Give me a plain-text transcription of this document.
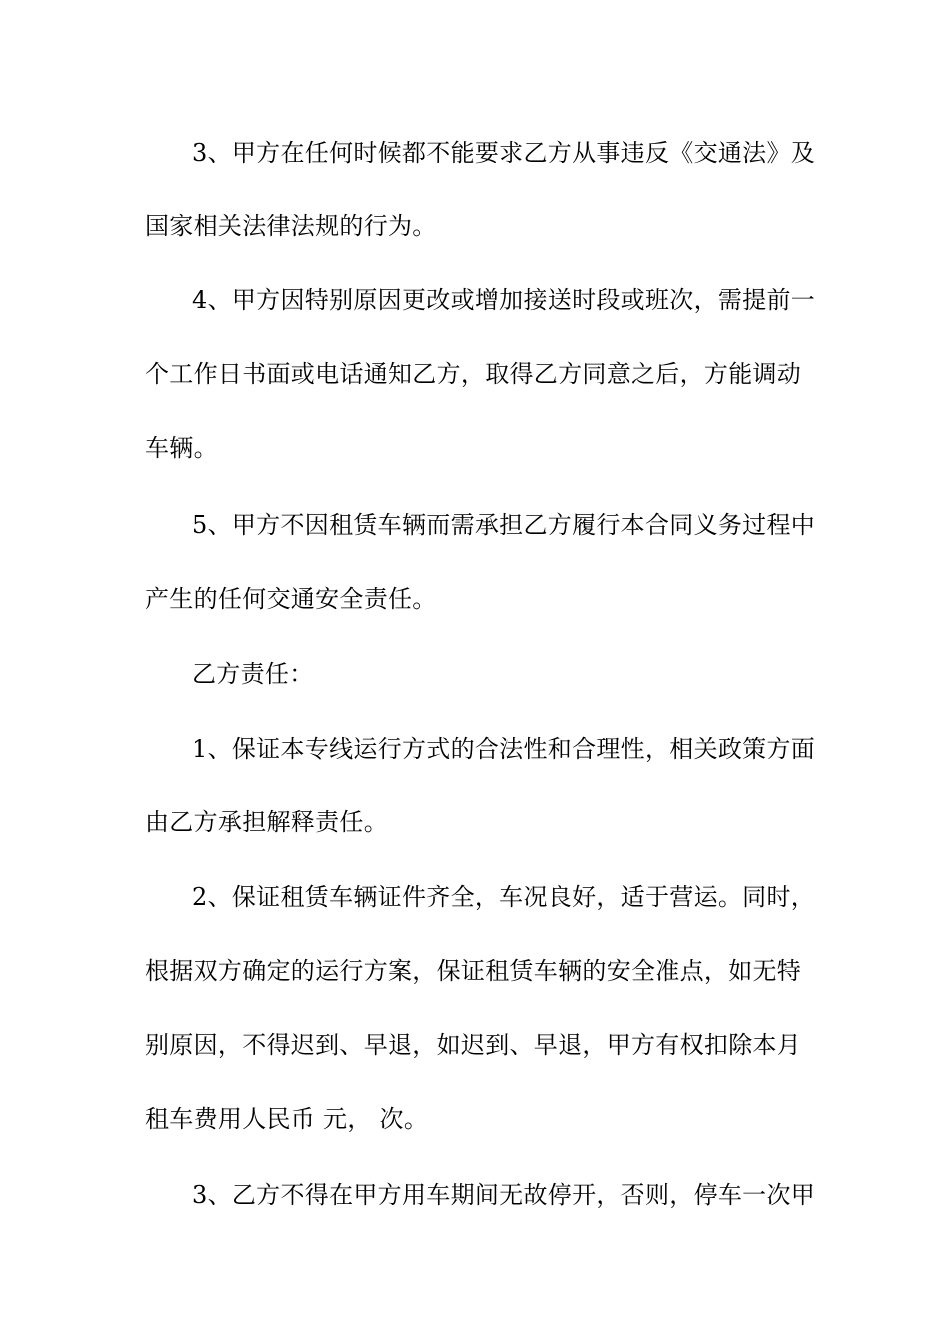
3、甲方在任何时候都不能要求乙方从事违反《交通法》及
国家相关法律法规的行为。
4、甲方因特别原因更改或增加接送时段或班次，需提前一
个工作日书面或电话通知乙方，取得乙方同意之后，方能调动
车辆。
5、甲方不因租赁车辆而需承担乙方履行本合同义务过程中
产生的任何交通安全责任。
乙方责任：
1、保证本专线运行方式的合法性和合理性，相关政策方面
由乙方承担解释责任。
2、保证租赁车辆证件齐全，车况良好，适于营运。同时，
根据双方确定的运行方案，保证租赁车辆的安全准点，如无特
别原因，不得迟到、早退，如迟到、早退，甲方有权扣除本月
租车费用人民币 元， 次。
3、乙方不得在甲方用车期间无故停开，否则，停车一次甲
